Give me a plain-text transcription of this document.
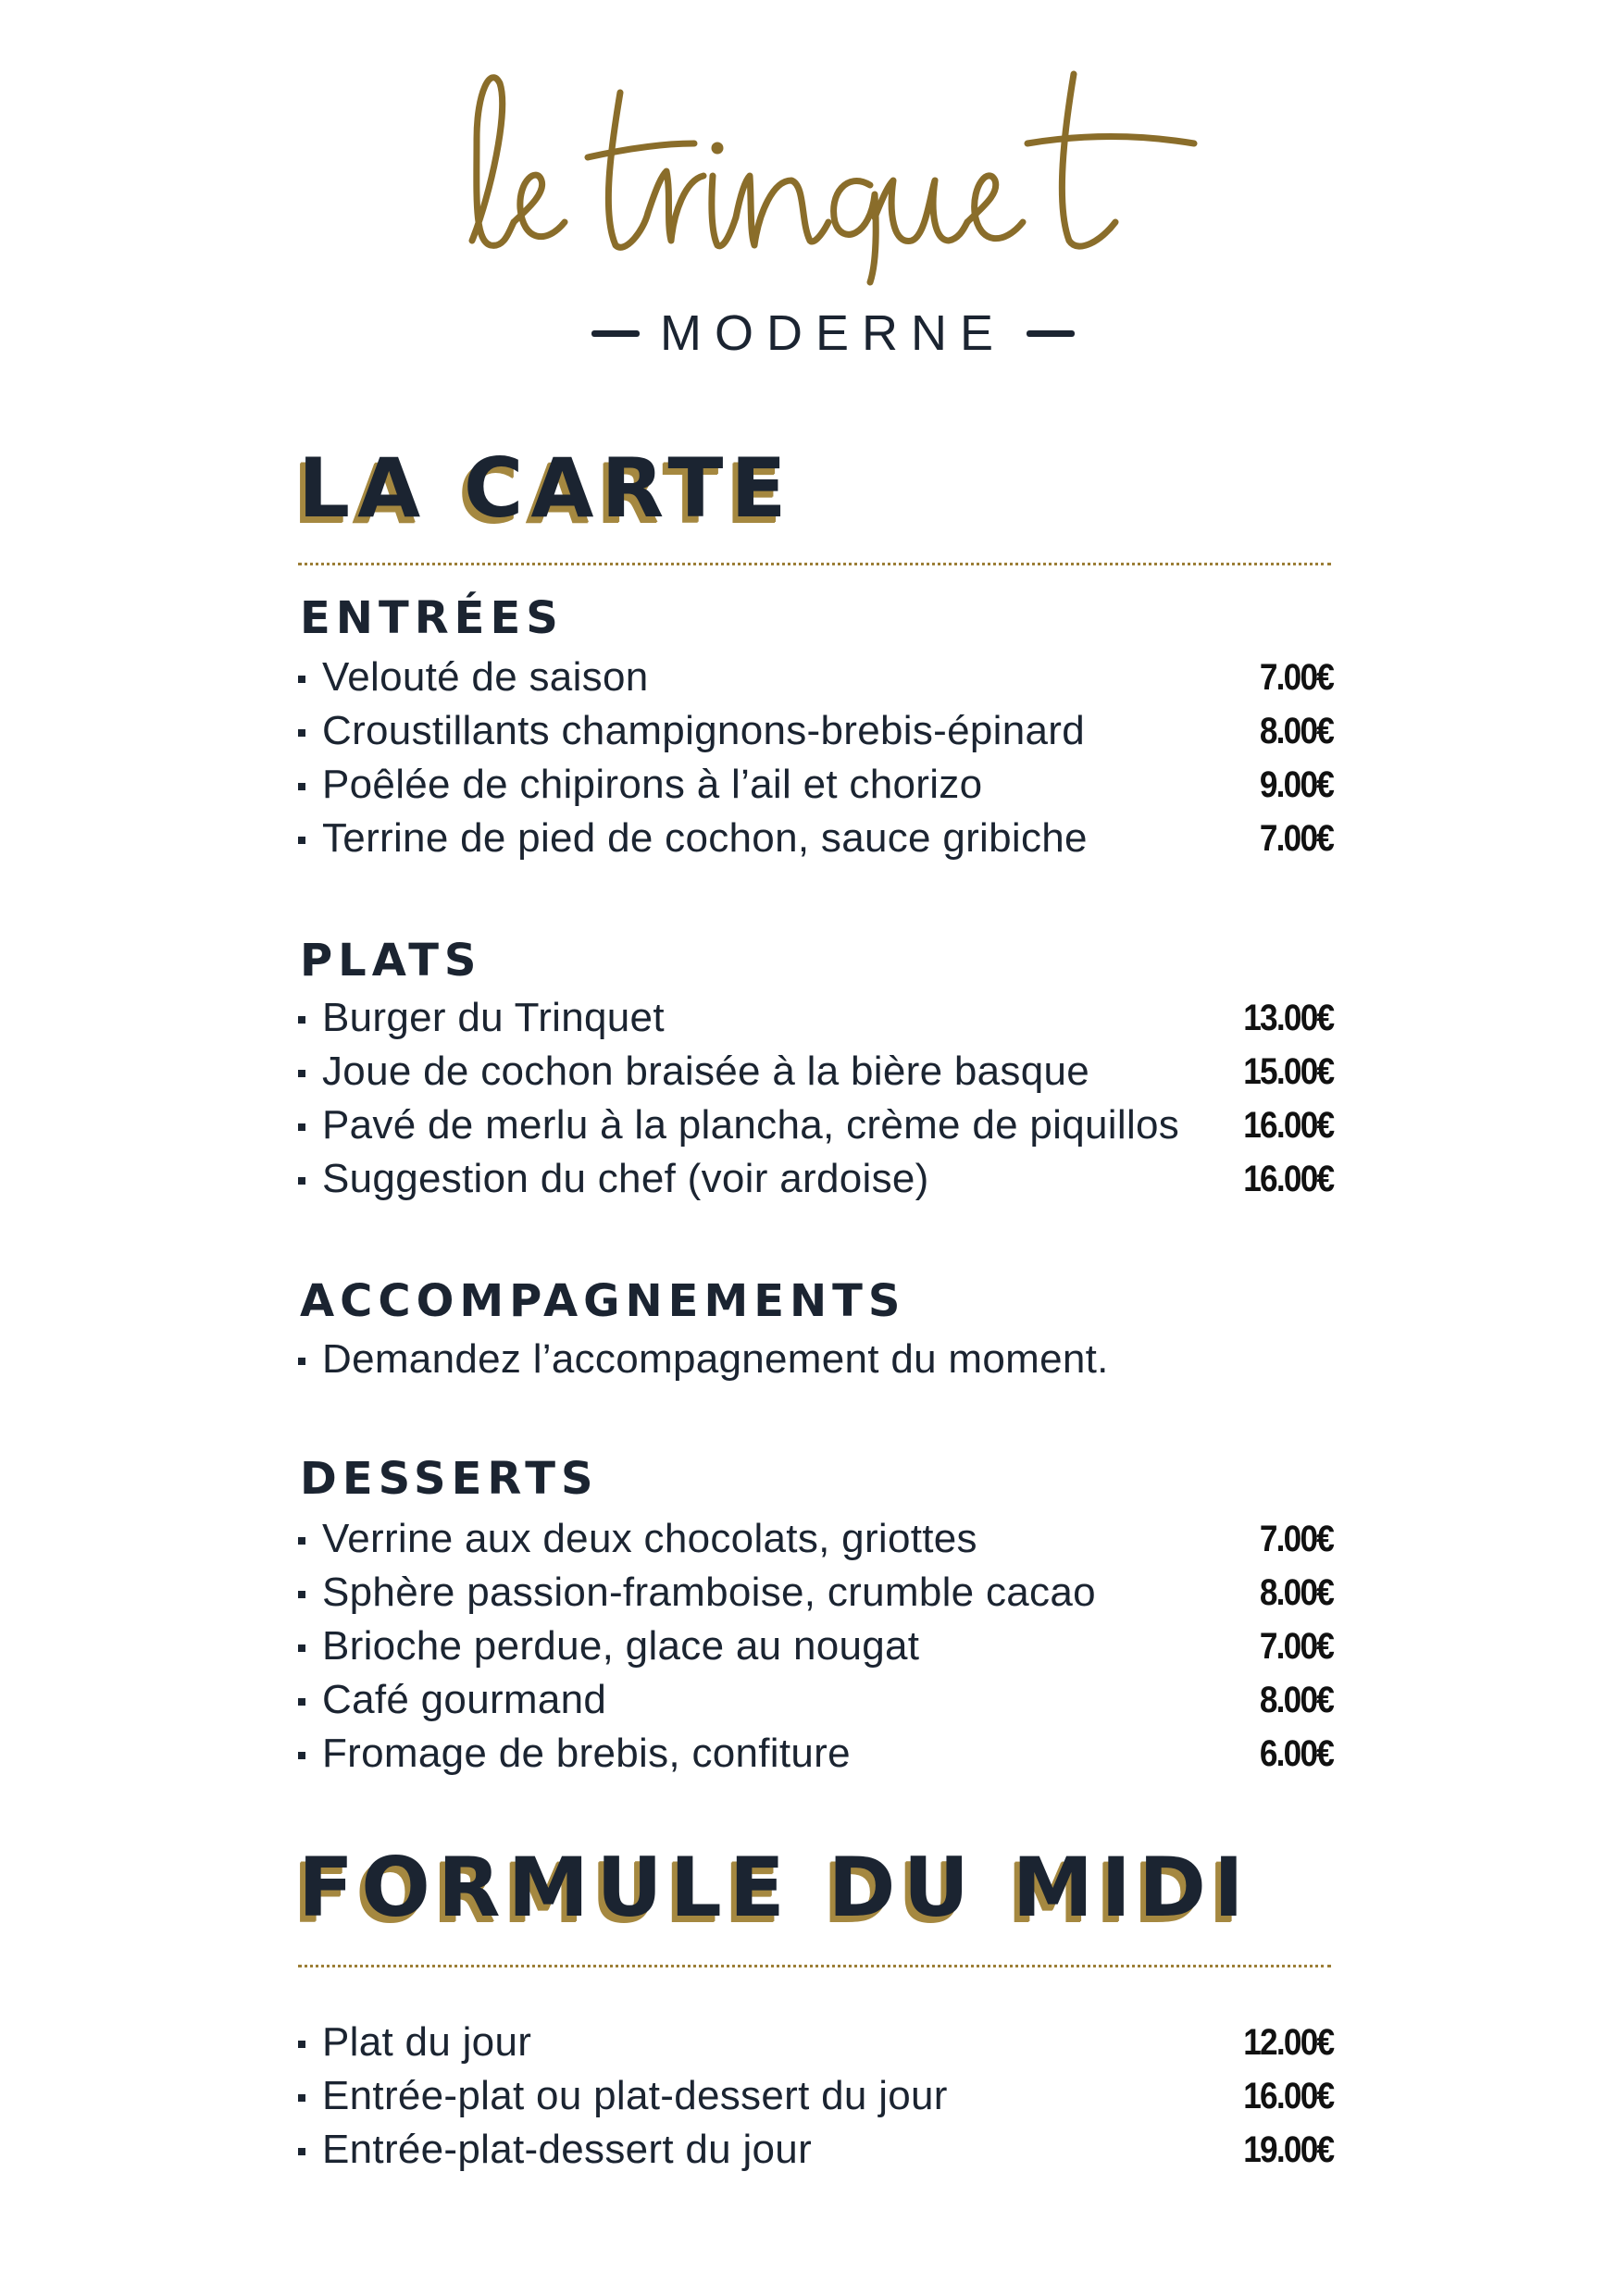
MODERNE
LA CARTE
ENTRÉES
Velouté de saison	7.00€
Croustillants champignons-brebis-épinard	8.00€
Poêlée de chipirons à l’ail et chorizo	9.00€
Terrine de pied de cochon, sauce gribiche	7.00€
PLATS
Burger du Trinquet	13.00€
Joue de cochon braisée à la bière basque	15.00€
Pavé de merlu à la plancha, crème de piquillos 16.00€
Suggestion du chef (voir ardoise)	16.00€
ACCOMPAGNEMENTS
Demandez l’accompagnement du moment.
DESSERTS
Verrine aux deux chocolats, griottes	7.00€
Sphère passion-framboise, crumble cacao	8.00€
Brioche perdue, glace au nougat	7.00€
Café gourmand	8.00€
Fromage de brebis, confiture	6.00€
FORMULE DU MIDI
Plat du jour	12.00€
Entrée-plat ou plat-dessert du jour	16.00€
Entrée-plat-dessert du jour	19.00€
